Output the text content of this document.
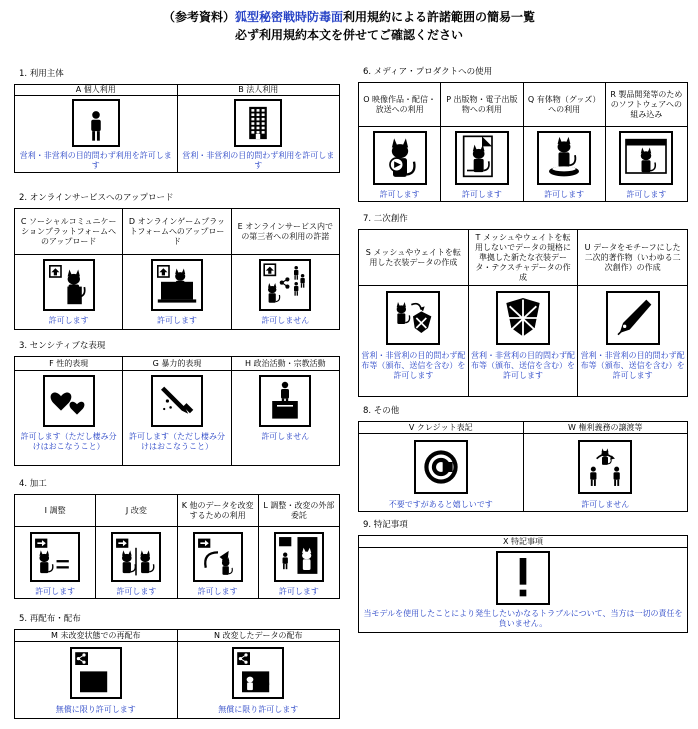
（参考資料）狐型秘密戦時防毒面利用規約による許諾範囲の簡易一覧
必ず利用規約本文を併せてご確認ください
1. 利用主体
A 個人利用
営利・非営利の目的問わず利用を許可します
B 法人利用
営利・非営利の目的問わず利用を許可します
2. オンラインサービスへのアップロード
C ソーシャルコミュニケーションプラットフォームへのアップロード
許可します
D オンラインゲームプラットフォームへのアップロード
許可します
E オンラインサービス内での第三者への利用の許諾
許可しません
3. センシティブな表現
F 性的表現
許可します（ただし棲み分けはおこなうこと）
G 暴力的表現
許可します（ただし棲み分けはおこなうこと）
H 政治活動・宗教活動
許可しません
4. 加工
I 調整
許可します
J 改変
許可します
K 他のデータを改変するための利用
許可します
L 調整・改変の外部委託
許可します
5. 再配布・配布
M 未改変状態での再配布
無償に限り許可します
N 改変したデータの配布
無償に限り許可します
6. メディア・プロダクトへの使用
O 映像作品・配信・放送への利用
許可します
P 出版物・電子出版物への利用
許可します
Q 有体物（グッズ）への利用
許可します
R 製品開発等のためのソフトウェアへの組み込み
許可します
7. 二次創作
S メッシュやウェイトを転用した衣装データの作成
営利・非営利の目的問わず配布等（頒布、送信を含む）を許可します
T メッシュやウェイトを転用しないでデータの規格に準拠した新たな衣装データ・テクスチャデータの作成
営利・非営利の目的問わず配布等（頒布、送信を含む）を許可します
U データをモチーフにした二次的著作物（いわゆる二次創作）の作成
営利・非営利の目的問わず配布等（頒布、送信を含む）を許可します
8. その他
V クレジット表記
不要ですがあると嬉しいです
W 権利義務の譲渡等
許可しません
9. 特記事項
X 特記事項
当モデルを使用したことにより発生したいかなるトラブルについて、当方は一切の責任を負いません。
